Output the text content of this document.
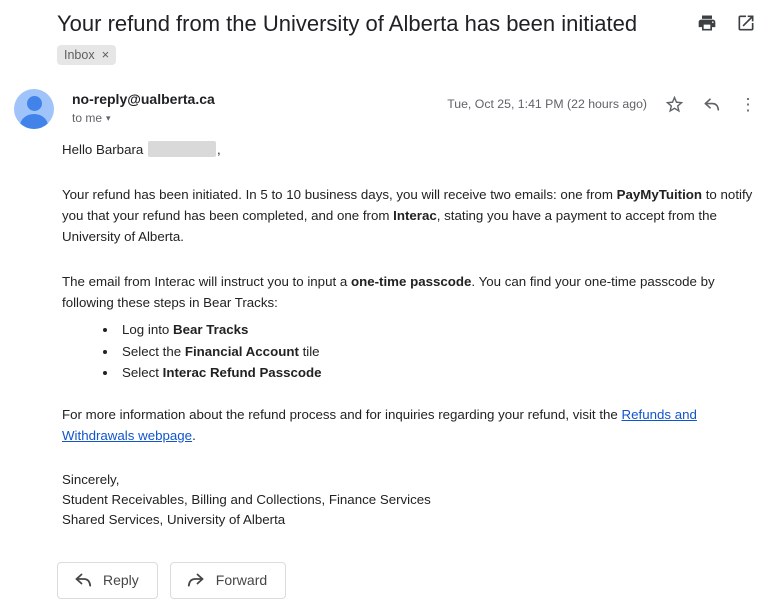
Your refund from the University of Alberta has been initiated
Inbox ×
no-reply@ualberta.ca
to me ▾
Tue, Oct 25, 1:41 PM (22 hours ago)	⋮
Hello Barbara	,
Your refund has been initiated. In 5 to 10 business days, you will receive two emails: one from PayMyTuition to notify you that your refund has been completed, and one from Interac, stating you have a payment to accept from the University of Alberta.
The email from Interac will instruct you to input a one-time passcode. You can find your one-time passcode by following these steps in Bear Tracks:
• Log into Bear Tracks
• Select the Financial Account tile
• Select Interac Refund Passcode
For more information about the refund process and for inquiries regarding your refund, visit the Refunds and Withdrawals webpage.
Sincerely,
Student Receivables, Billing and Collections, Finance Services
Shared Services, University of Alberta
Reply	Forward
